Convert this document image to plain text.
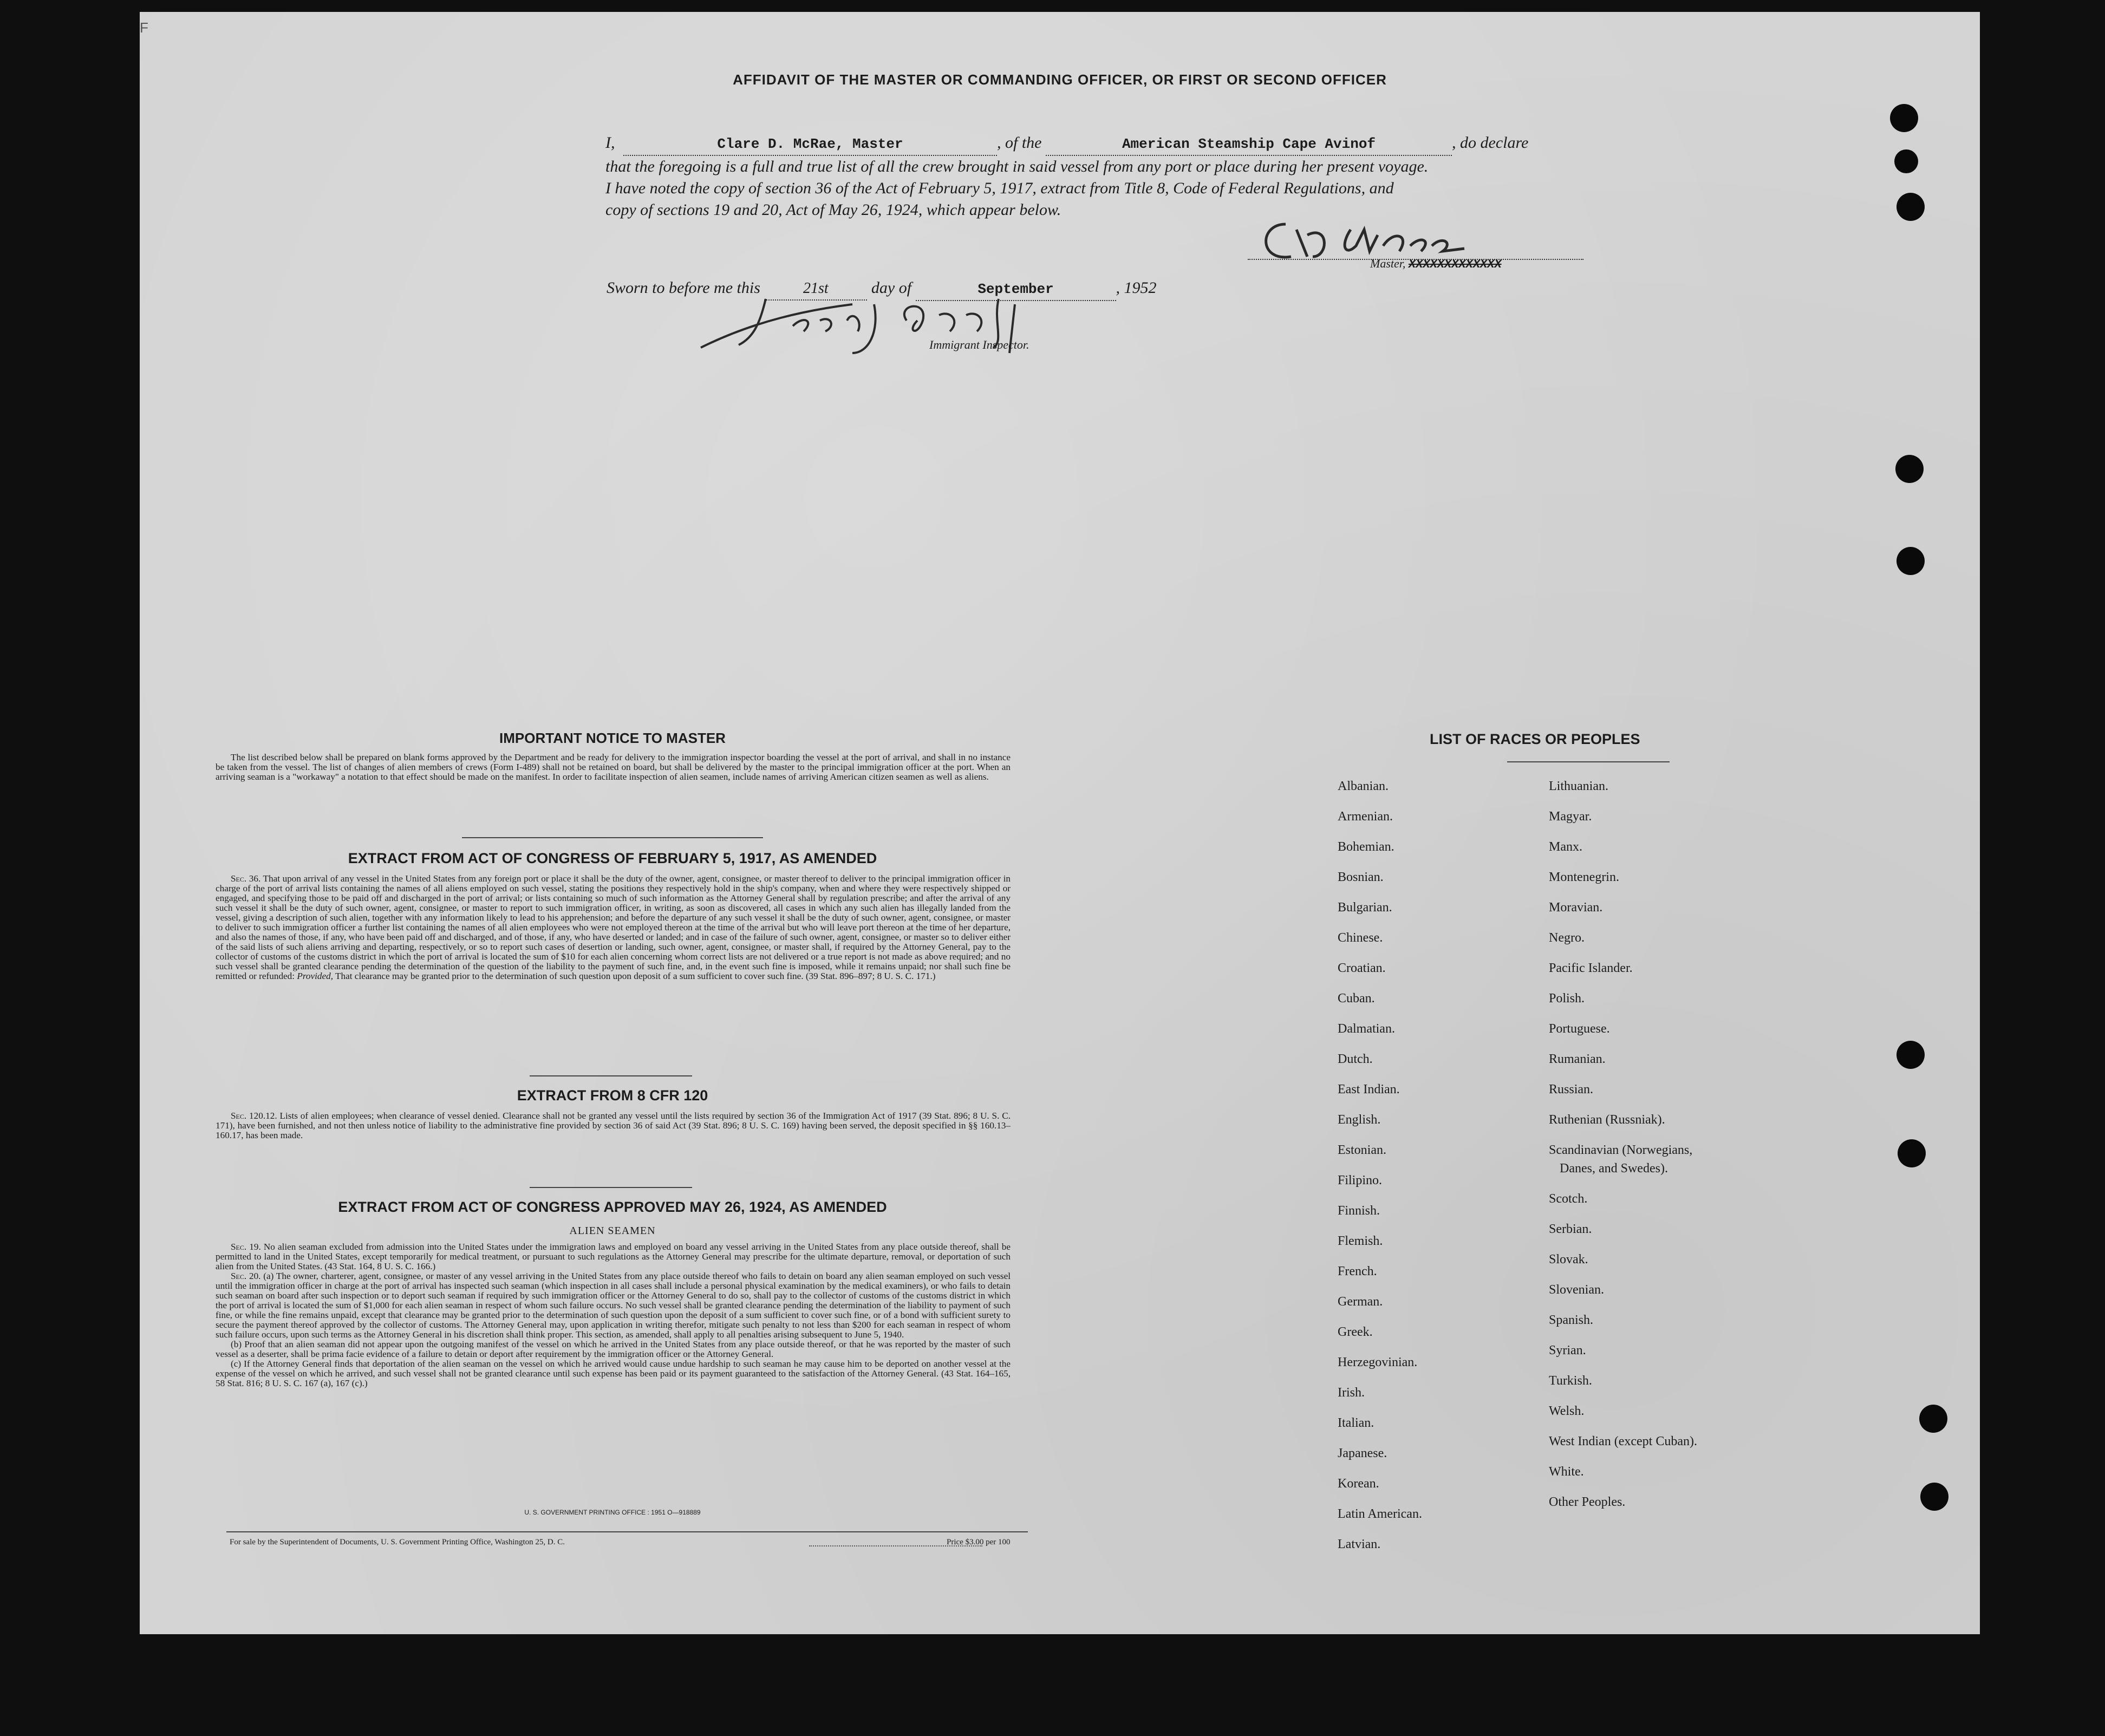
F
AFFIDAVIT OF THE MASTER OR COMMANDING OFFICER, OR FIRST OR SECOND OFFICER
I,	Clare D. McRae, Master	, of the	American Steamship Cape Avinof	, do declare
that the foregoing is a full and true list of all the crew brought in said vessel from any port or place during her present voyage.
I have noted the copy of section 36 of the Act of February 5, 1917, extract from Title 8, Code of Federal Regulations, and
copy of sections 19 and 20, Act of May 26, 1924, which appear below.
Master, XXXXXXXXXXXXX
Sworn to before me this	21st	day of	September	, 1952
Immigrant Inspector.
IMPORTANT NOTICE TO MASTER
The list described below shall be prepared on blank forms approved by the Department and be ready for delivery to the immigration inspector boarding the vessel at the port of arrival, and shall in no instance be taken from the vessel. The list of changes of alien members of crews (Form I-489) shall not be retained on board, but shall be delivered by the master to the principal immigration officer at the port. When an arriving seaman is a "workaway" a notation to that effect should be made on the manifest. In order to facilitate inspection of alien seamen, include names of arriving American citizen seamen as well as aliens.
EXTRACT FROM ACT OF CONGRESS OF FEBRUARY 5, 1917, AS AMENDED
Sec. 36. That upon arrival of any vessel in the United States from any foreign port or place it shall be the duty of the owner, agent, consignee, or master thereof to deliver to the principal immigration officer in charge of the port of arrival lists containing the names of all aliens employed on such vessel, stating the positions they respectively hold in the ship's company, when and where they were respectively shipped or engaged, and specifying those to be paid off and discharged in the port of arrival; or lists containing so much of such information as the Attorney General shall by regulation prescribe; and after the arrival of any such vessel it shall be the duty of such owner, agent, consignee, or master to report to such immigration officer, in writing, as soon as discovered, all cases in which any such alien has illegally landed from the vessel, giving a description of such alien, together with any information likely to lead to his apprehension; and before the departure of any such vessel it shall be the duty of such owner, agent, consignee, or master to deliver to such immigration officer a further list containing the names of all alien employees who were not employed thereon at the time of the arrival but who will leave port thereon at the time of her departure, and also the names of those, if any, who have been paid off and discharged, and of those, if any, who have deserted or landed; and in case of the failure of such owner, agent, consignee, or master so to deliver either of the said lists of such aliens arriving and departing, respectively, or so to report such cases of desertion or landing, such owner, agent, consignee, or master shall, if required by the Attorney General, pay to the collector of customs of the customs district in which the port of arrival is located the sum of $10 for each alien concerning whom correct lists are not delivered or a true report is not made as above required; and no such vessel shall be granted clearance pending the determination of the question of the liability to the payment of such fine, and, in the event such fine is imposed, while it remains unpaid; nor shall such fine be remitted or refunded: Provided, That clearance may be granted prior to the determination of such question upon deposit of a sum sufficient to cover such fine. (39 Stat. 896–897; 8 U. S. C. 171.)
EXTRACT FROM 8 CFR 120
Sec. 120.12. Lists of alien employees; when clearance of vessel denied. Clearance shall not be granted any vessel until the lists required by section 36 of the Immigration Act of 1917 (39 Stat. 896; 8 U. S. C. 171), have been furnished, and not then unless notice of liability to the administrative fine provided by section 36 of said Act (39 Stat. 896; 8 U. S. C. 169) having been served, the deposit specified in §§ 160.13–160.17, has been made.
EXTRACT FROM ACT OF CONGRESS APPROVED MAY 26, 1924, AS AMENDED
ALIEN SEAMEN
Sec. 19. No alien seaman excluded from admission into the United States under the immigration laws and employed on board any vessel arriving in the United States from any place outside thereof, shall be permitted to land in the United States, except temporarily for medical treatment, or pursuant to such regulations as the Attorney General may prescribe for the ultimate departure, removal, or deportation of such alien from the United States. (43 Stat. 164, 8 U. S. C. 166.)
Sec. 20. (a) The owner, charterer, agent, consignee, or master of any vessel arriving in the United States from any place outside thereof who fails to detain on board any alien seaman employed on such vessel until the immigration officer in charge at the port of arrival has inspected such seaman (which inspection in all cases shall include a personal physical examination by the medical examiners), or who fails to detain such seaman on board after such inspection or to deport such seaman if required by such immigration officer or the Attorney General to do so, shall pay to the collector of customs of the customs district in which the port of arrival is located the sum of $1,000 for each alien seaman in respect of whom such failure occurs. No such vessel shall be granted clearance pending the determination of the liability to payment of such fine, or while the fine remains unpaid, except that clearance may be granted prior to the determination of such question upon the deposit of a sum sufficient to cover such fine, or of a bond with sufficient surety to secure the payment thereof approved by the collector of customs. The Attorney General may, upon application in writing therefor, mitigate such penalty to not less than $200 for each seaman in respect of whom such failure occurs, upon such terms as the Attorney General in his discretion shall think proper. This section, as amended, shall apply to all penalties arising subsequent to June 5, 1940.
(b) Proof that an alien seaman did not appear upon the outgoing manifest of the vessel on which he arrived in the United States from any place outside thereof, or that he was reported by the master of such vessel as a deserter, shall be prima facie evidence of a failure to detain or deport after requirement by the immigration officer or the Attorney General.
(c) If the Attorney General finds that deportation of the alien seaman on the vessel on which he arrived would cause undue hardship to such seaman he may cause him to be deported on another vessel at the expense of the vessel on which he arrived, and such vessel shall not be granted clearance until such expense has been paid or its payment guaranteed to the satisfaction of the Attorney General. (43 Stat. 164–165, 58 Stat. 816; 8 U. S. C. 167 (a), 167 (c).)
U. S. GOVERNMENT PRINTING OFFICE : 1951 O—918889
For sale by the Superintendent of Documents, U. S. Government Printing Office, Washington 25, D. C.	Price $3.00 per 100
LIST OF RACES OR PEOPLES
Albanian.
Armenian.
Bohemian.
Bosnian.
Bulgarian.
Chinese.
Croatian.
Cuban.
Dalmatian.
Dutch.
East Indian.
English.
Estonian.
Filipino.
Finnish.
Flemish.
French.
German.
Greek.
Herzegovinian.
Irish.
Italian.
Japanese.
Korean.
Latin American.
Latvian.
Lithuanian.
Magyar.
Manx.
Montenegrin.
Moravian.
Negro.
Pacific Islander.
Polish.
Portuguese.
Rumanian.
Russian.
Ruthenian (Russniak).
Scandinavian (Norwegians,
Danes, and Swedes).
Scotch.
Serbian.
Slovak.
Slovenian.
Spanish.
Syrian.
Turkish.
Welsh.
West Indian (except Cuban).
White.
Other Peoples.
